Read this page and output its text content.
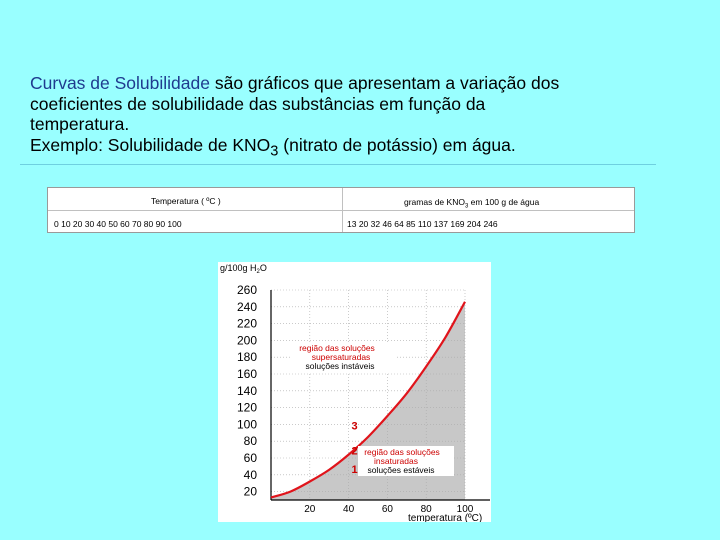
Curvas de Solubilidade são gráficos que apresentam a variação dos
coeficientes de solubilidade das substâncias em função da
temperatura.
Exemplo: Solubilidade de $KNO_3$ (nitrato de potássio) em água.
Temperatura ( ºC )	gramas de $KNO_3$ em 100 g de água
0 10 20 30 40 50 60 70 80 90 100	13 20 32 46 64 85 110 137 169 204 246
g/100g $H_2O$
temperatura (ºC)
260
240
220
200
180
160
140
120
100
80
60
40
20
20	40	60	80 100
região das soluções
supersaturadas
soluções instáveis
região das soluções
insaturadas
soluções estáveis
3
2
1
